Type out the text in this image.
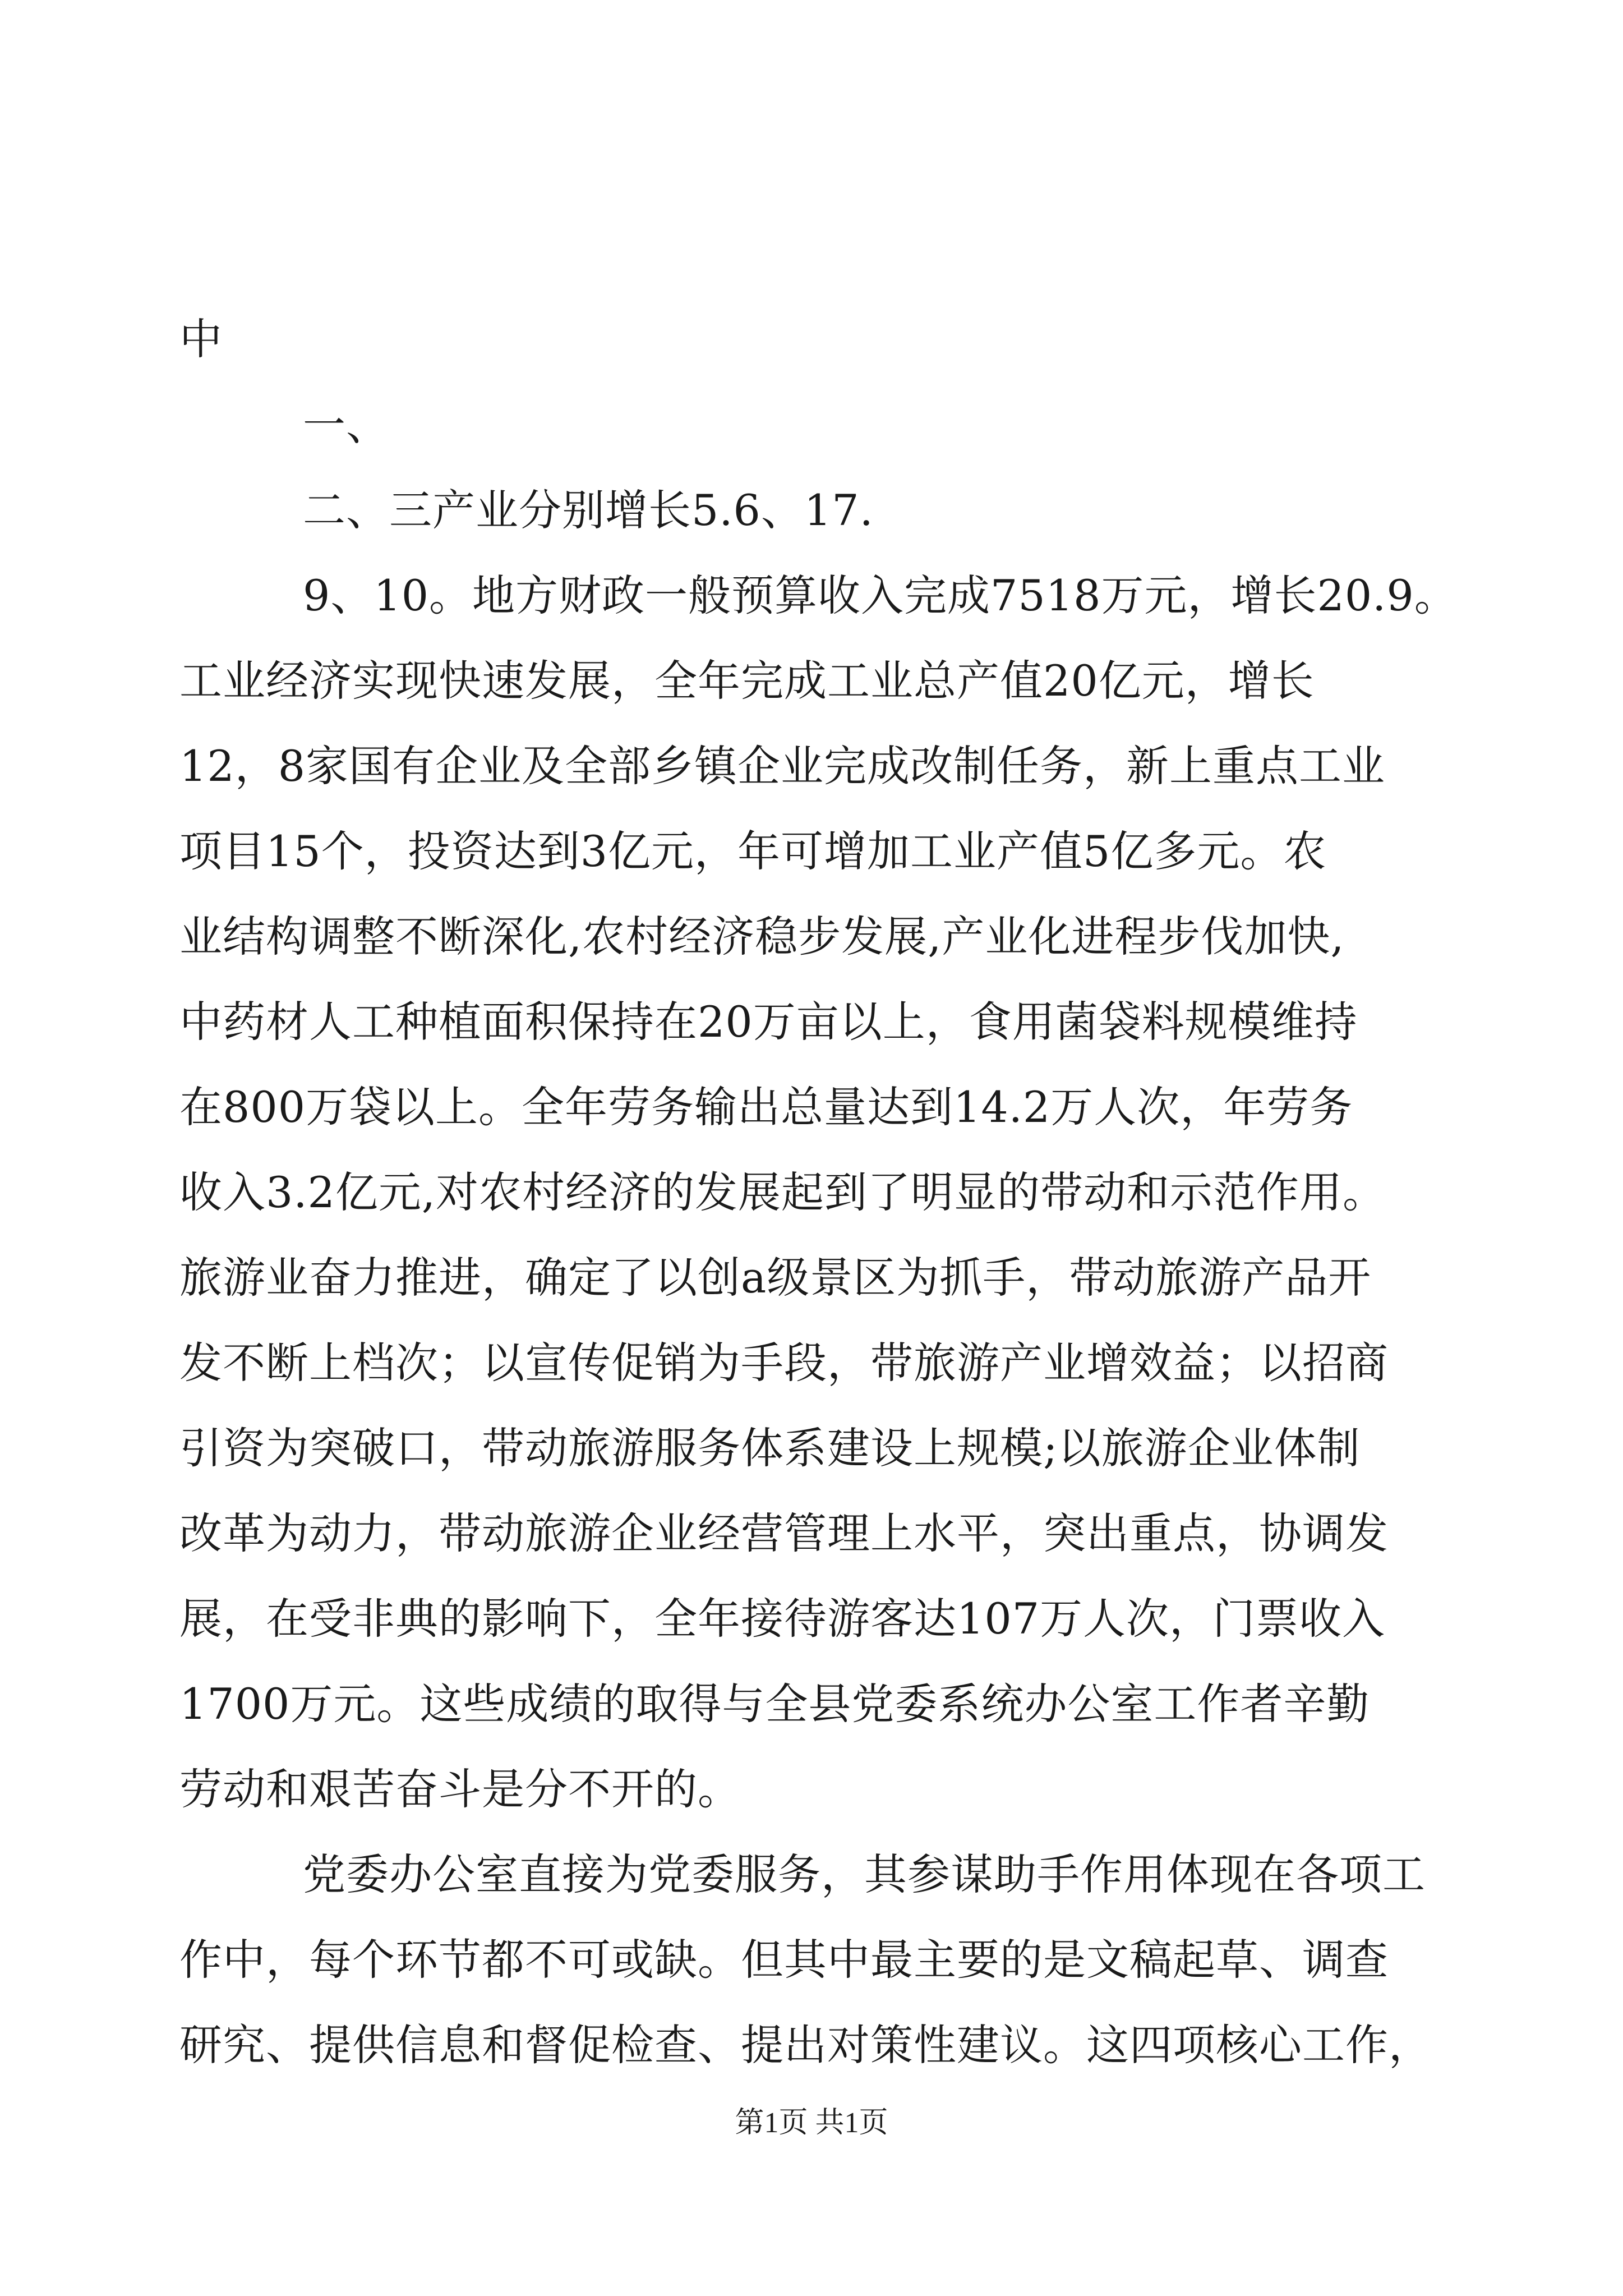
中
一、
二、三产业分别增长5.6、17.
9、10。地方财政一般预算收入完成7518万元，增长20.9。
工业经济实现快速发展，全年完成工业总产值20亿元，增长
12，8家国有企业及全部乡镇企业完成改制任务，新上重点工业
项目15个，投资达到3亿元，年可增加工业产值5亿多元。农
业结构调整不断深化,农村经济稳步发展,产业化进程步伐加快,
中药材人工种植面积保持在20万亩以上，食用菌袋料规模维持
在800万袋以上。全年劳务输出总量达到14.2万人次，年劳务
收入3.2亿元,对农村经济的发展起到了明显的带动和示范作用。
旅游业奋力推进，确定了以创a级景区为抓手，带动旅游产品开
发不断上档次；以宣传促销为手段，带旅游产业增效益；以招商
引资为突破口，带动旅游服务体系建设上规模;以旅游企业体制
改革为动力，带动旅游企业经营管理上水平，突出重点，协调发
展，在受非典的影响下，全年接待游客达107万人次，门票收入
1700万元。这些成绩的取得与全县党委系统办公室工作者辛勤
劳动和艰苦奋斗是分不开的。
党委办公室直接为党委服务，其参谋助手作用体现在各项工
作中，每个环节都不可或缺。但其中最主要的是文稿起草、调查
研究、提供信息和督促检查、提出对策性建议。这四项核心工作，
第1页 共1页
